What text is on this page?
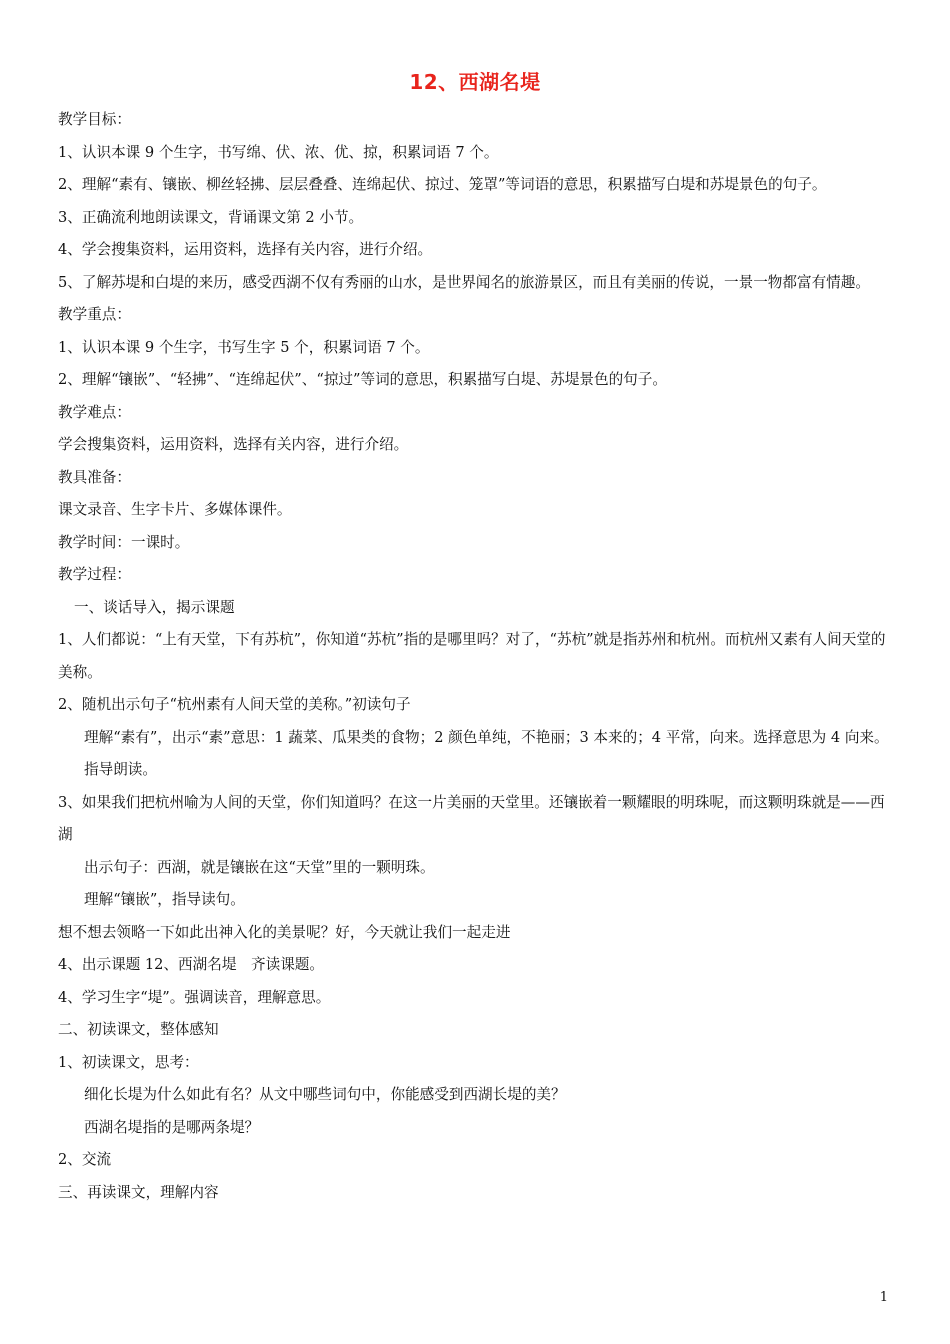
12、西湖名堤

教学目标：

1、认识本课 9 个生字，书写绵、伏、浓、优、掠，积累词语 7 个。

2、理解“素有、镶嵌、柳丝轻拂、层层叠叠、连绵起伏、掠过、笼罩”等词语的意思，积累描写白堤和苏堤景色的句子。

3、正确流利地朗读课文，背诵课文第 2 小节。

4、学会搜集资料，运用资料，选择有关内容，进行介绍。

5、了解苏堤和白堤的来历，感受西湖不仅有秀丽的山水，是世界闻名的旅游景区，而且有美丽的传说，一景一物都富有情趣。

教学重点：

1、认识本课 9 个生字，书写生字 5 个，积累词语 7 个。

2、理解“镶嵌”、“轻拂”、“连绵起伏”、“掠过”等词的意思，积累描写白堤、苏堤景色的句子。

教学难点：

学会搜集资料，运用资料，选择有关内容，进行介绍。

教具准备：

课文录音、生字卡片、多媒体课件。

教学时间：一课时。

教学过程：

一、谈话导入，揭示课题

1、人们都说：“上有天堂，下有苏杭”，你知道“苏杭”指的是哪里吗？对了，“苏杭”就是指苏州和杭州。而杭州又素有人间天堂的美称。

2、随机出示句子“杭州素有人间天堂的美称。”初读句子

理解“素有”，出示“素”意思：1 蔬菜、瓜果类的食物；2 颜色单纯，不艳丽；3 本来的；4 平常，向来。选择意思为 4 向来。

指导朗读。

3、如果我们把杭州喻为人间的天堂，你们知道吗？在这一片美丽的天堂里。还镶嵌着一颗耀眼的明珠呢，而这颗明珠就是——西湖

出示句子：西湖，就是镶嵌在这“天堂”里的一颗明珠。

理解“镶嵌”，指导读句。

想不想去领略一下如此出神入化的美景呢？好，今天就让我们一起走进

4、出示课题 12、西湖名堤　齐读课题。

4、学习生字“堤”。强调读音，理解意思。

二、初读课文，整体感知

1、初读课文，思考：

细化长堤为什么如此有名？从文中哪些词句中，你能感受到西湖长堤的美？

西湖名堤指的是哪两条堤？

2、交流

三、再读课文，理解内容

1
